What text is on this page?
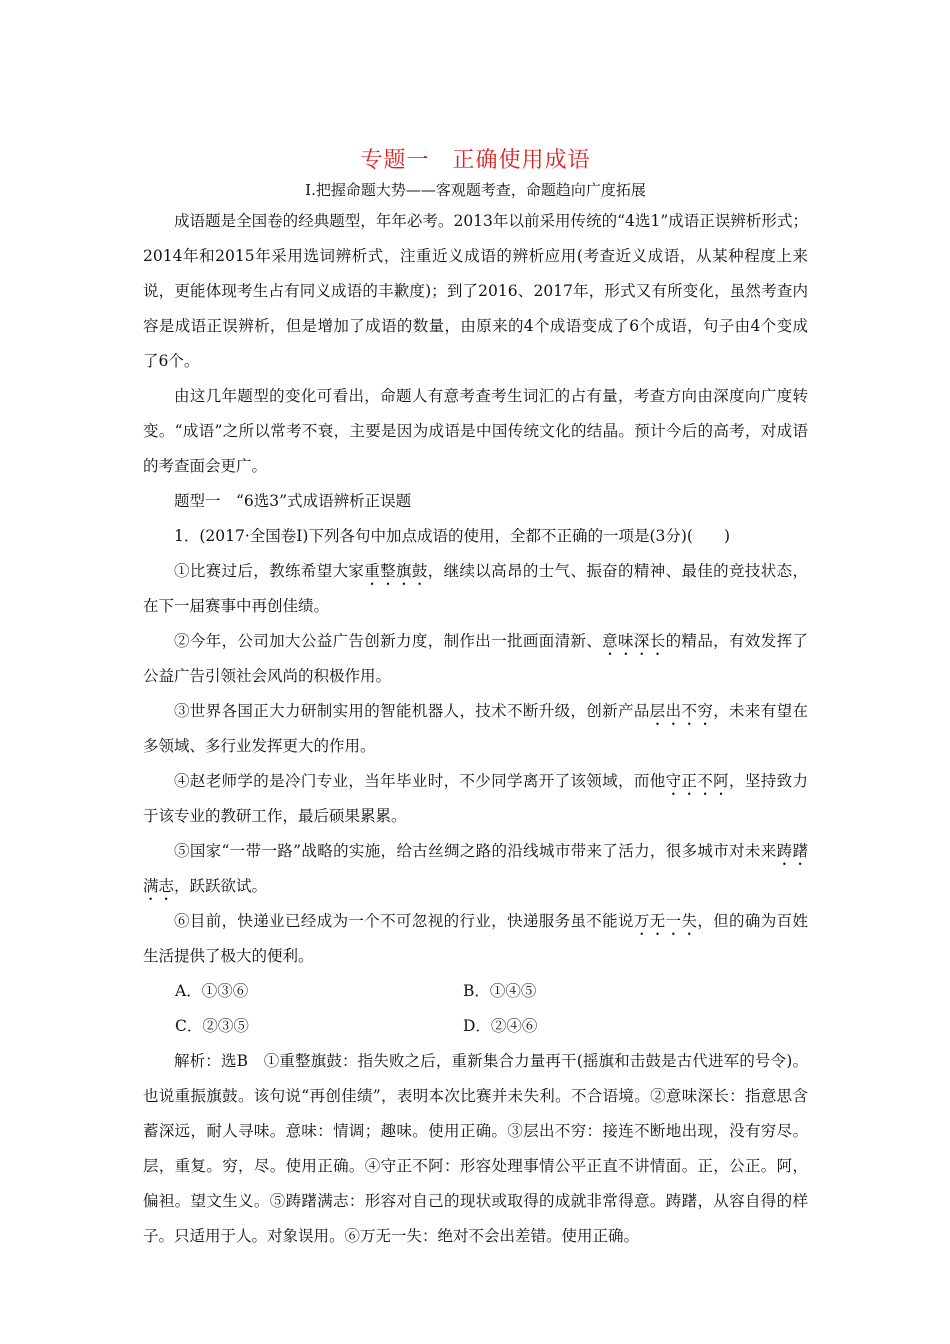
专题一　正确使用成语
Ⅰ.把握命题大势——客观题考查，命题趋向广度拓展

成语题是全国卷的经典题型，年年必考。2013年以前采用传统的“4选1”成语正误辨析形式；2014年和2015年采用选词辨析式，注重近义成语的辨析应用(考查近义成语，从某种程度上来说，更能体现考生占有同义成语的丰歉度)；到了2016、2017年，形式又有所变化，虽然考查内容是成语正误辨析，但是增加了成语的数量，由原来的4个成语变成了6个成语，句子由4个变成了6个。

由这几年题型的变化可看出，命题人有意考查考生词汇的占有量，考查方向由深度向广度转变。“成语”之所以常考不衰，主要是因为成语是中国传统文化的结晶。预计今后的高考，对成语的考查面会更广。

题型一　“6选3”式成语辨析正误题

1．(2017·全国卷Ⅰ)下列各句中加点成语的使用，全都不正确的一项是(3分)(　　)

①比赛过后，教练希望大家重整旗鼓，继续以高昂的士气、振奋的精神、最佳的竞技状态，在下一届赛事中再创佳绩。

②今年，公司加大公益广告创新力度，制作出一批画面清新、意味深长的精品，有效发挥了公益广告引领社会风尚的积极作用。

③世界各国正大力研制实用的智能机器人，技术不断升级，创新产品层出不穷，未来有望在多领域、多行业发挥更大的作用。

④赵老师学的是冷门专业，当年毕业时，不少同学离开了该领域，而他守正不阿，坚持致力于该专业的教研工作，最后硕果累累。

⑤国家“一带一路”战略的实施，给古丝绸之路的沿线城市带来了活力，很多城市对未来踌躇满志，跃跃欲试。

⑥目前，快递业已经成为一个不可忽视的行业，快递服务虽不能说万无一失，但的确为百姓生活提供了极大的便利。

A．①③⑥	B．①④⑤
C．②③⑤	D．②④⑥

解析：选B　①重整旗鼓：指失败之后，重新集合力量再干(摇旗和击鼓是古代进军的号令)。也说重振旗鼓。该句说“再创佳绩”，表明本次比赛并未失利。不合语境。②意味深长：指意思含蓄深远，耐人寻味。意味：情调；趣味。使用正确。③层出不穷：接连不断地出现，没有穷尽。层，重复。穷，尽。使用正确。④守正不阿：形容处理事情公平正直不讲情面。正，公正。阿，偏袒。望文生义。⑤踌躇满志：形容对自己的现状或取得的成就非常得意。踌躇，从容自得的样子。只适用于人。对象误用。⑥万无一失：绝对不会出差错。使用正确。
